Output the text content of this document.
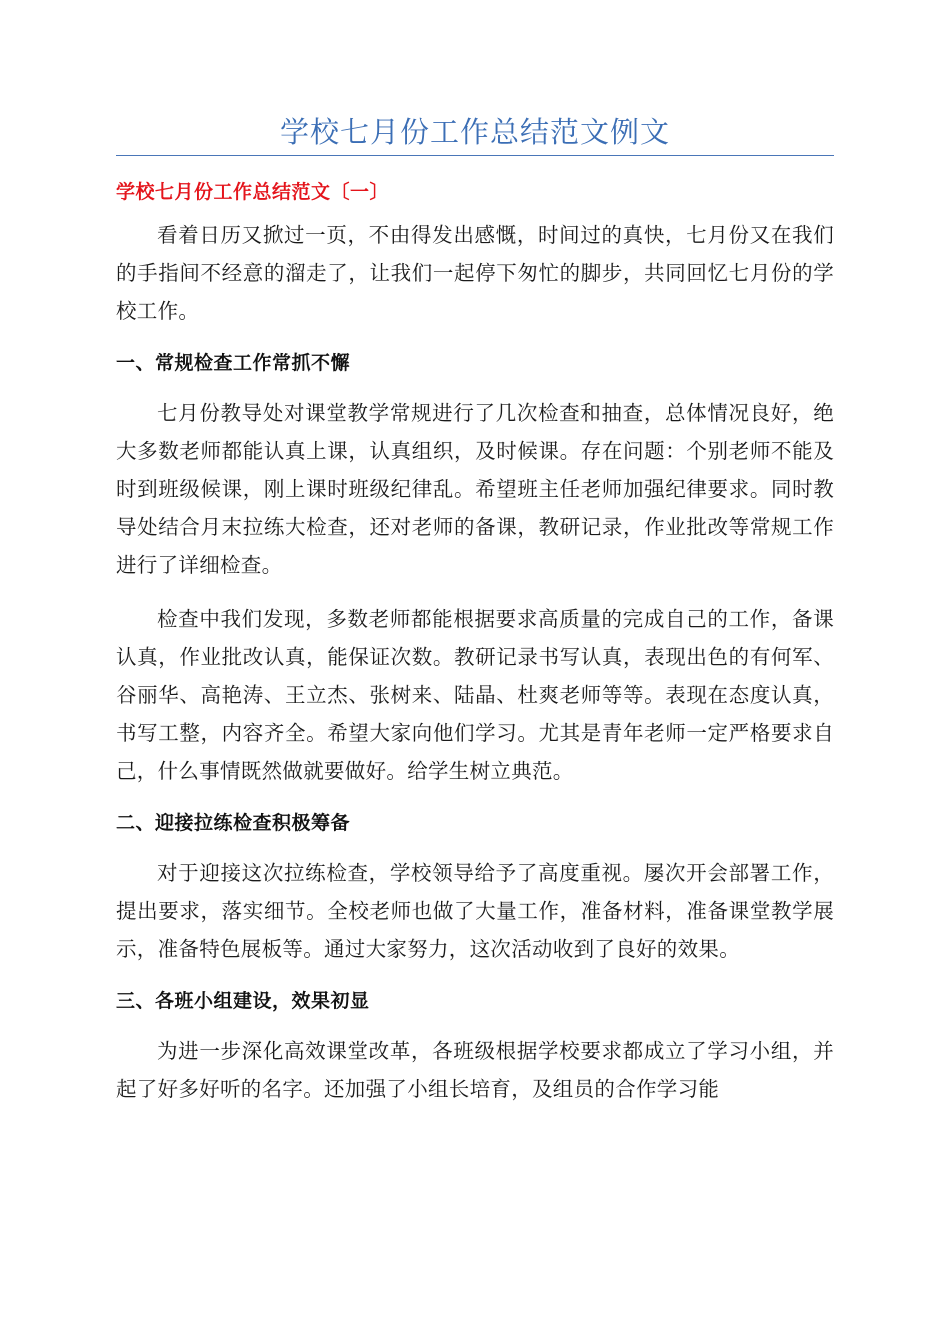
学校七月份工作总结范文例文
学校七月份工作总结范文〔一〕

看着日历又掀过一页，不由得发出感慨，时间过的真快，七月份又在我们的手指间不经意的溜走了，让我们一起停下匆忙的脚步，共同回忆七月份的学校工作。

一、常规检查工作常抓不懈

七月份教导处对课堂教学常规进行了几次检查和抽查，总体情况良好，绝大多数老师都能认真上课，认真组织，及时候课。存在问题：个别老师不能及时到班级候课，刚上课时班级纪律乱。希望班主任老师加强纪律要求。同时教导处结合月末拉练大检查，还对老师的备课，教研记录，作业批改等常规工作进行了详细检查。

检查中我们发现，多数老师都能根据要求高质量的完成自己的工作，备课认真，作业批改认真，能保证次数。教研记录书写认真，表现出色的有何军、谷丽华、高艳涛、王立杰、张树来、陆晶、杜爽老师等等。表现在态度认真，书写工整，内容齐全。希望大家向他们学习。尤其是青年老师一定严格要求自己，什么事情既然做就要做好。给学生树立典范。

二、迎接拉练检查积极筹备

对于迎接这次拉练检查，学校领导给予了高度重视。屡次开会部署工作，提出要求，落实细节。全校老师也做了大量工作，准备材料，准备课堂教学展示，准备特色展板等。通过大家努力，这次活动收到了良好的效果。

三、各班小组建设，效果初显

为进一步深化高效课堂改革，各班级根据学校要求都成立了学习小组，并起了好多好听的名字。还加强了小组长培育，及组员的合作学习能
